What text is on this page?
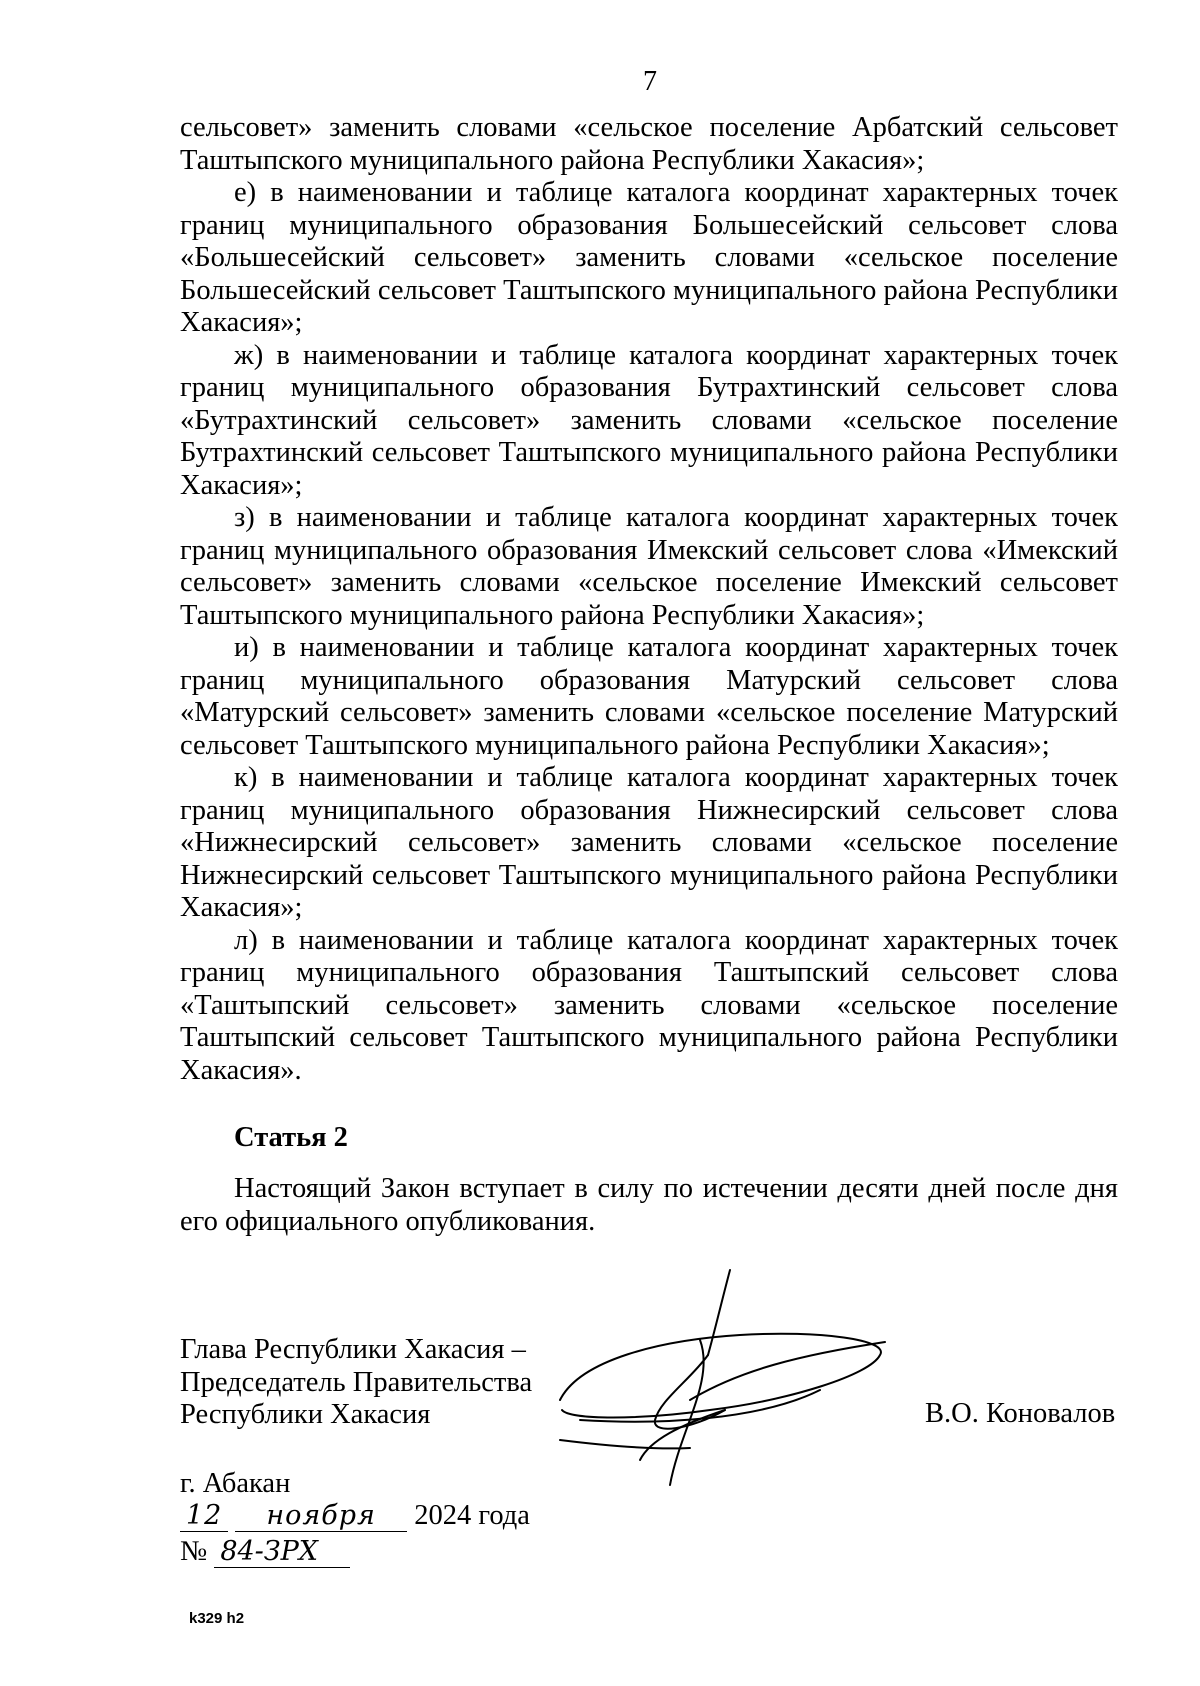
7

сельсовет» заменить словами «сельское поселение Арбатский сельсовет Таштыпского муниципального района Республики Хакасия»;

е) в наименовании и таблице каталога координат характерных точек границ муниципального образования Большесейский сельсовет слова «Большесейский сельсовет» заменить словами «сельское поселение Большесейский сельсовет Таштыпского муниципального района Республики Хакасия»;

ж) в наименовании и таблице каталога координат характерных точек границ муниципального образования Бутрахтинский сельсовет слова «Бутрахтинский сельсовет» заменить словами «сельское поселение Бутрахтинский сельсовет Таштыпского муниципального района Республики Хакасия»;

з) в наименовании и таблице каталога координат характерных точек границ муниципального образования Имекский сельсовет слова «Имекский сельсовет» заменить словами «сельское поселение Имекский сельсовет Таштыпского муниципального района Республики Хакасия»;

и) в наименовании и таблице каталога координат характерных точек границ муниципального образования Матурский сельсовет слова «Матурский сельсовет» заменить словами «сельское поселение Матурский сельсовет Таштыпского муниципального района Республики Хакасия»;

к) в наименовании и таблице каталога координат характерных точек границ муниципального образования Нижнесирский сельсовет слова «Нижнесирский сельсовет» заменить словами «сельское поселение Нижнесирский сельсовет Таштыпского муниципального района Республики Хакасия»;

л) в наименовании и таблице каталога координат характерных точек границ муниципального образования Таштыпский сельсовет слова «Таштыпский сельсовет» заменить словами «сельское поселение Таштыпский сельсовет Таштыпского муниципального района Республики Хакасия».

Статья 2

Настоящий Закон вступает в силу по истечении десяти дней после дня его официального опубликования.

Глава Республики Хакасия –
Председатель Правительства
Республики Хакасия	В.О. Коновалов
г. Абакан
12 ноября 2024 года
№ 84-ЗРХ
k329 h2
